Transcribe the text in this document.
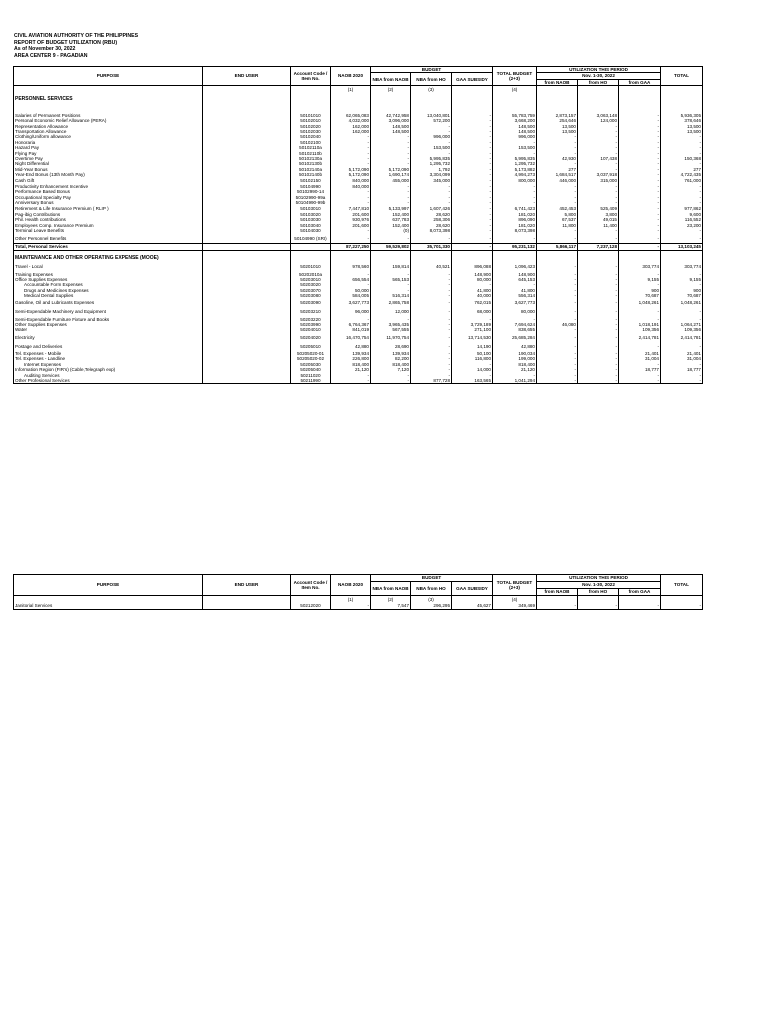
CIVIL AVIATION AUTHORITY OF THE PHILIPPINES
REPORT OF BUDGET UTILIZATION (RBU)
As of November 30, 2022
AREA CENTER 9 - PAGADIAN
PURPOSE	END USER	Account Code / Item No.	NAOB 2020	BUDGET			TOTAL BUDGET (2+3)	UTILIZATION THIS PERIOD			TOTAL
				NBA from NAOB	NBA from HO	GAA SUBSIDY		Nov. 1-30, 2022			
								from NAOB	from HO	from GAA	
			(1)	(2)	(3)		(4)				

PERSONNEL SERVICES											

Salaries of Permanent Positions		50101010	62,065,083	42,742,958	13,040,801	-	55,783,759	2,873,157	3,063,148	-	5,936,305
Personal Economic Relief Allowance (PERA)		50102010	4,032,000	3,096,000	572,200	-	3,668,200	254,646	124,000	-	378,646
Representation Allowance		50102020	162,000	148,500	-	-	148,500	13,500	-	-	13,500
Transportation Allowance		50102030	162,000	148,500	-	-	148,500	13,500	-	-	13,500
Clothing/Uniform allowance		50102040	-	-	996,000	-	996,000	-	-	-	-
Honoraria		50102100	-	-	-	-	-	-	-	-	-
Hazard Pay		50102110a	-	-	153,500	-	153,500	-	-	-	-
Flying Pay		50102110b	-	-	-	-	-	-	-	-	-
Overtime Pay		50102130a	-	-	5,995,835	-	5,995,835	42,930	107,438	-	150,368
Night Differential		50102130b	-	-	1,295,732	-	1,295,732	-	-	-	-
Mid-Year Bonus		50102140a	5,172,090	5,172,090	1,792	-	5,173,882	277	-	-	277
Year-End Bonus (13th Month Pay)		50102140b	5,172,090	1,690,174	3,304,099	-	4,994,273	1,684,517	3,037,918	-	4,722,435
Cash Gift		50102150	840,000	455,000	345,000	-	800,000	446,000	315,000	-	761,000
Productivity Enhancement Incentive		50104990	840,000	-	-	-	-	-	-	-	-
Performance Based Bonus		50102990-14	-	-	-	-	-	-	-	-	-
Occupational Specialty Pay		50102990-99a	-	-	-	-	-	-	-	-	-
Anniversary Bonus		50104990-99b	-	-	-	-	-	-	-	-	-
Retirement & Life Insurance Premium ( RLIP )		50103010	7,447,810	5,133,997	1,607,426	-	6,741,423	452,453	525,409	-	977,862
Pag-ibig Contributions		50103020	201,600	152,400	28,620	-	181,020	5,800	3,800	-	9,600
Phil. Health contributions		50103030	930,976	637,783	258,306	-	896,090	67,537	49,015	-	116,552
Employees Comp. Insurance Premium		50103040	201,600	152,400	28,620	-	181,020	11,800	11,400	-	23,200
Terminal Leave Benefits		50104030	-	(0)	8,073,398	-	8,073,398	-	-	-	-
Other Personnel Benefits		50104990 (SRI)	-	-	-	-	-	-	-	-	-
Total, Personal Services			87,227,250	59,529,802	35,701,330	-	95,231,132	5,866,117	7,237,128	-	13,103,245

MAINTENANCE AND OTHER OPERATING EXPENSE (MOOE)											
Travel - Local		50201010	978,560	159,814	40,521	896,088	1,096,423	-	-	303,774	303,774
Training Expenses		50202010a	-	-	-	148,900	148,900	-	-	-	-
Office Supplies Expenses		50203010	656,554	565,153	-	80,000	645,153	-	-	9,155	9,155
Accountable Form Expenses		50203020	-	-	-	-	-	-	-	-	-
Drugs and Medicines Expenses		50203070	50,000	-	-	41,800	41,800	-	-	900	900
Medical Dental Supplies		50203080	584,005	516,314	-	40,000	556,314	-	-	70,687	70,687
Gasoline, Oil and Lubricants Expenses		50203090	3,627,773	2,865,758	-	762,015	3,627,773	-	-	1,048,261	1,048,261
Semi-Expendable Machinery and Equipment		50203210	96,000	12,000	-	68,000	80,000	-	-	-	-
Semi-Expendable Furniture Fixture and Books		50203220	-	-	-	-	-	-	-	-	-
Other Supplies Expenses		50203990	6,764,367	3,965,435	-	3,729,189	7,694,624	46,080	-	1,018,191	1,064,271
Water		50204010	841,019	567,555	-	271,100	838,655	-	-	109,356	109,356
Electricity		50204020	16,470,754	11,970,754	-	13,714,530	25,685,284	-	-	2,414,781	2,414,781
Postage and Deliveries		50205010	42,880	28,690	-	14,190	42,880	-	-	-	-
Tel. Expenses - Mobile		50205020-01	139,934	139,934	-	50,100	190,034	-	-	21,401	21,401
Tel. Expenses - Landline		50205020-02	226,800	82,200	-	116,800	199,000	-	-	31,004	31,004
Internet Expenses		50205030	818,400	818,400	-	-	818,400	-	-	-	-
Information Region (FIR's) (Cable,Telegraph exp)		50205040	21,120	7,120	-	14,000	21,120	-	-	18,777	18,777
Auditing Services		50211020	-	-	-	-	-	-	-	-	-
Other Profesional Services		50211990	-	-	877,728	163,565	1,041,294	-	-	-	-
PURPOSE	END USER	Account Code / Item No.	NAOB 2020	BUDGET			TOTAL BUDGET (2+3)	UTILIZATION THIS PERIOD			TOTAL
				NBA from NAOB	NBA from HO	GAA SUBSIDY		Nov. 1-30, 2022			
								from NAOB	from HO	from GAA	
			(1)	(2)	(3)		(4)				
Janitorial Services		50212020	-	7,547	296,295	45,627	349,469	-	-	-	-
